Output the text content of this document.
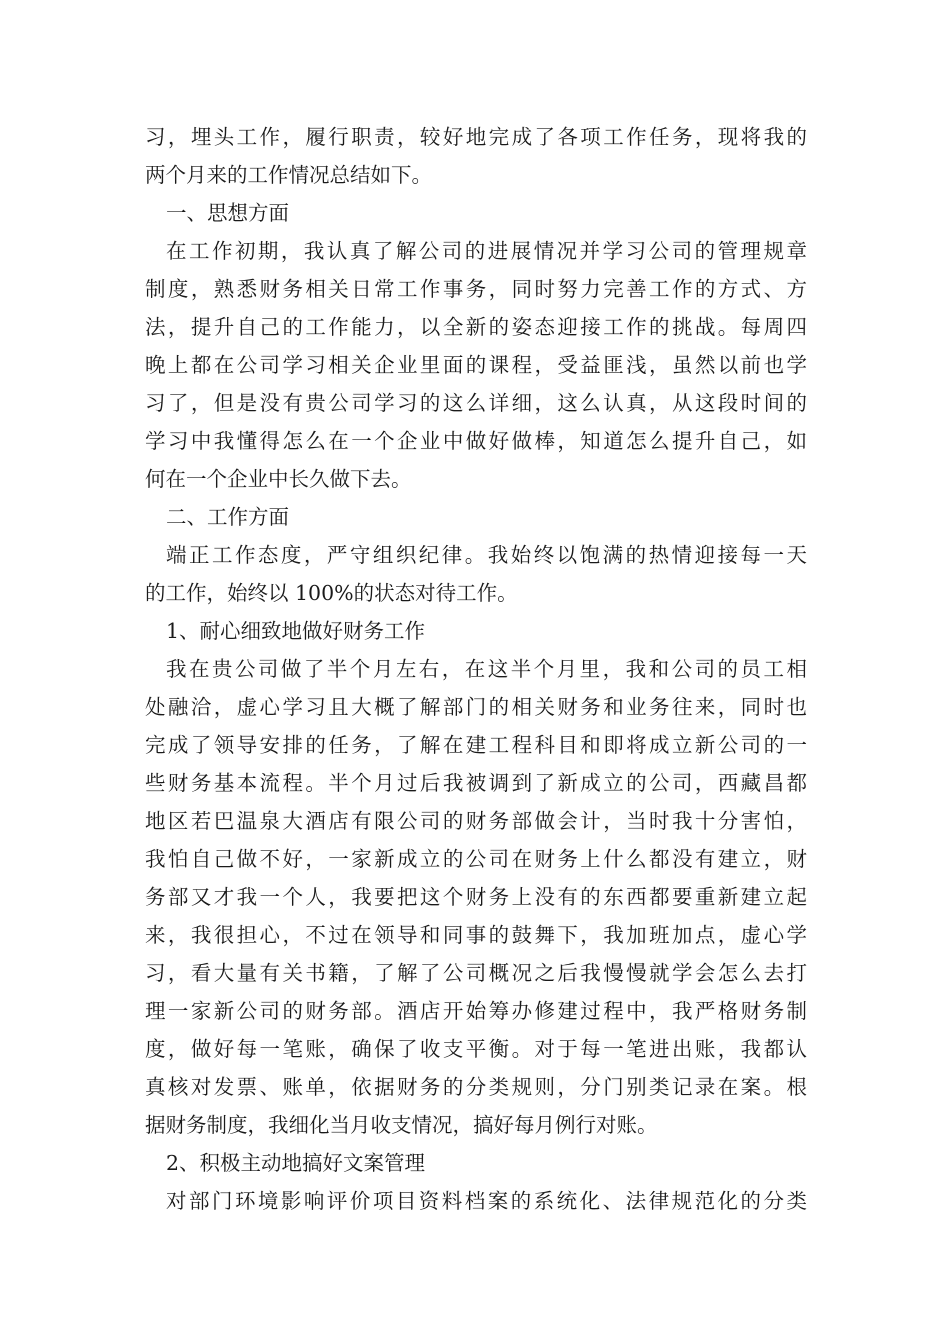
习，埋头工作，履行职责，较好地完成了各项工作任务，现将我的
两个月来的工作情况总结如下。
一、思想方面
在工作初期，我认真了解公司的进展情况并学习公司的管理规章
制度，熟悉财务相关日常工作事务，同时努力完善工作的方式、方
法，提升自己的工作能力，以全新的姿态迎接工作的挑战。每周四
晚上都在公司学习相关企业里面的课程，受益匪浅，虽然以前也学
习了，但是没有贵公司学习的这么详细，这么认真，从这段时间的
学习中我懂得怎么在一个企业中做好做棒，知道怎么提升自己，如
何在一个企业中长久做下去。
二、工作方面
端正工作态度，严守组织纪律。我始终以饱满的热情迎接每一天
的工作，始终以 100%的状态对待工作。
1、耐心细致地做好财务工作
我在贵公司做了半个月左右，在这半个月里，我和公司的员工相
处融洽，虚心学习且大概了解部门的相关财务和业务往来，同时也
完成了领导安排的任务，了解在建工程科目和即将成立新公司的一
些财务基本流程。半个月过后我被调到了新成立的公司，西藏昌都
地区若巴温泉大酒店有限公司的财务部做会计，当时我十分害怕，
我怕自己做不好，一家新成立的公司在财务上什么都没有建立，财
务部又才我一个人，我要把这个财务上没有的东西都要重新建立起
来，我很担心，不过在领导和同事的鼓舞下，我加班加点，虚心学
习，看大量有关书籍，了解了公司概况之后我慢慢就学会怎么去打
理一家新公司的财务部。酒店开始筹办修建过程中，我严格财务制
度，做好每一笔账，确保了收支平衡。对于每一笔进出账，我都认
真核对发票、账单，依据财务的分类规则，分门别类记录在案。根
据财务制度，我细化当月收支情况，搞好每月例行对账。
2、积极主动地搞好文案管理
对部门环境影响评价项目资料档案的系统化、法律规范化的分类
